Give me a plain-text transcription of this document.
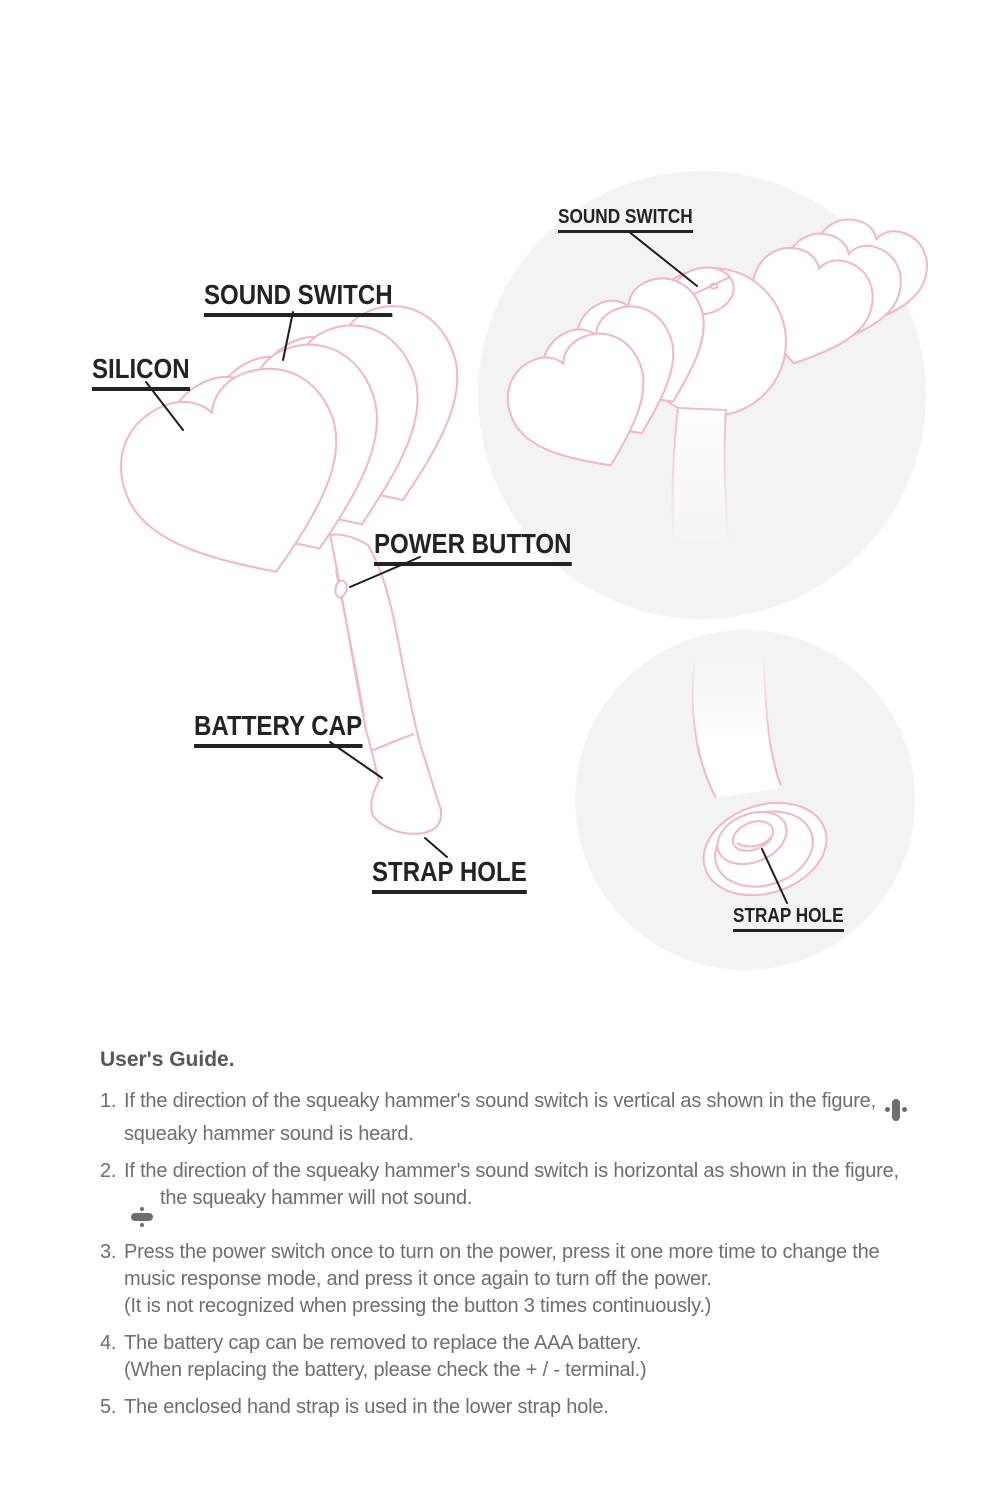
SOUND SWITCH
SILICON
POWER BUTTON
BATTERY CAP
STRAP HOLE
SOUND SWITCH
STRAP HOLE
User's Guide.
1. If the direction of the squeaky hammer's sound switch is vertical as shown in the figure,
squeaky hammer sound is heard.
2. If the direction of the squeaky hammer's sound switch is horizontal as shown in the figure,
the squeaky hammer will not sound.
3. Press the power switch once to turn on the power, press it one more time to change the music response mode, and press it once again to turn off the power.
(It is not recognized when pressing the button 3 times continuously.)
4. The battery cap can be removed to replace the AAA battery.
(When replacing the battery, please check the + / - terminal.)
5. The enclosed hand strap is used in the lower strap hole.
